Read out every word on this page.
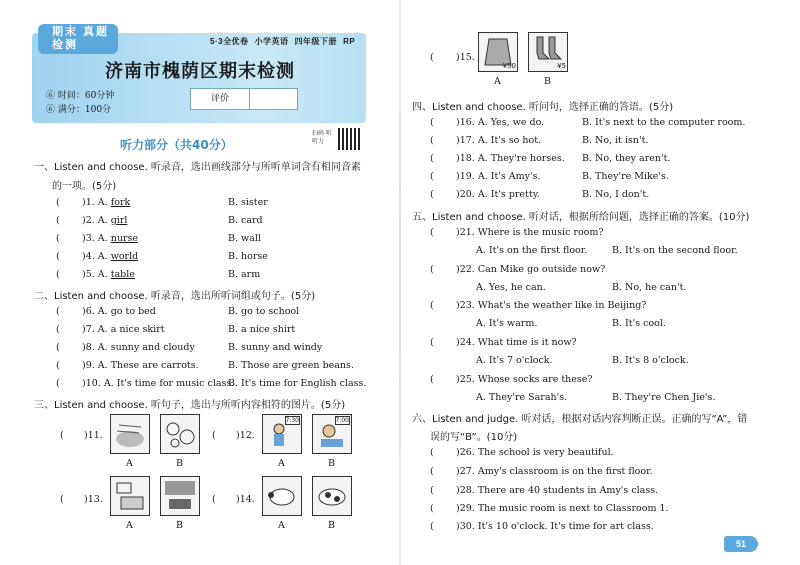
期末 真题检测	5·3全优卷 小学英语 四年级下册 RP
济南市槐荫区期末检测
⑥ 时间：60分钟
⑥ 满分：100分
评价
听力部分（共40分）
扫码 听听力
一、Listen and choose. 听录音，选出画线部分与所听单词含有相同音素
的一项。(5分)
( )1. A. fork	B. sister
( )2. A. girl	B. card
( )3. A. nurse	B. wall
( )4. A. world	B. horse
( )5. A. table	B. arm
二、Listen and choose. 听录音，选出所听词组或句子。(5分)
( )6. A. go to bed	B. go to school
( )7. A. a nice skirt	B. a nice shirt
( )8. A. sunny and cloudy	B. sunny and windy
( )9. A. These are carrots.	B. Those are green beans.
( )10. A. It's time for music class.
B. It's time for English class.
三、Listen and choose. 听句子，选出与所听内容相符的图片。(5分)
( )11.
A	B
( )12.
7:30	7:00
A	B
( )13.
A	B
( )14.
A	B
( )15.
¥50	¥5
A	B
四、Listen and choose. 听问句，选择正确的答语。(5分)
( )16. A. Yes, we do.	B. It's next to the computer room.
( )17. A. It's so hot.	B. No, it isn't.
( )18. A. They're horses. B. No, they aren't.
( )19. A. It's Amy's.	B. They're Mike's.
( )20. A. It's pretty.	B. No, I don't.
五、Listen and choose. 听对话，根据所给问题，选择正确的答案。(10分)
( )21. Where is the music room?
A. It's on the first floor.	B. It's on the second floor.
( )22. Can Mike go outside now?
A. Yes, he can.	B. No, he can't.
( )23. What's the weather like in Beijing?
A. It's warm.	B. It's cool.
( )24. What time is it now?
A. It's 7 o'clock.	B. It's 8 o'clock.
( )25. Whose socks are these?
A. They're Sarah's.	B. They're Chen Jie's.
六、Listen and judge. 听对话，根据对话内容判断正误。正确的写“A”，错
误的写“B”。(10分)
( )26. The school is very beautiful.
( )27. Amy's classroom is on the first floor.
( )28. There are 40 students in Amy's class.
( )29. The music room is next to Classroom 1.
( )30. It's 10 o'clock. It's time for art class.
51
